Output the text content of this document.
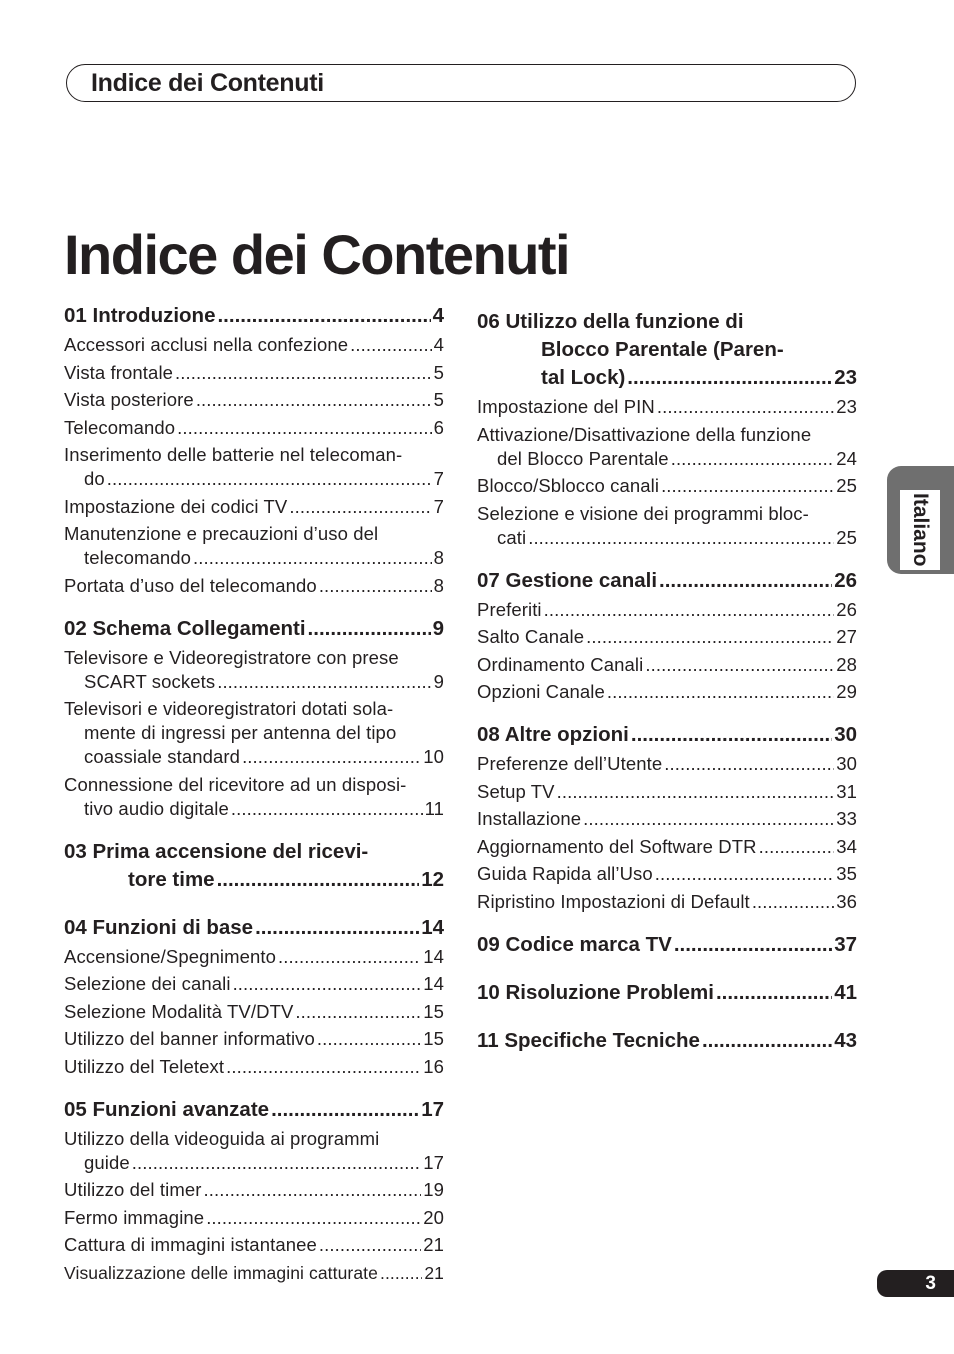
Indice dei Contenuti
Indice dei Contenuti
Italiano
3
01 Introduzione .....	4
Accessori acclusi nella confezione .....	4
Vista frontale .....	5
Vista posteriore .....	5
Telecomando .....	6
Inserimento delle batterie nel telecoman-
do .....	7
Impostazione dei codici TV .....	7
Manutenzione e precauzioni d’uso del
telecomando .....	8
Portata d’uso del telecomando .....	8
02 Schema Collegamenti .....	9
Televisore e Videoregistratore con prese
SCART sockets .....	9
Televisori e videoregistratori dotati sola-
mente di ingressi per antenna del tipo
coassiale standard .....	10
Connessione del ricevitore ad un disposi-
tivo audio digitale .....	11
03 Prima accensione del ricevi-
tore time .....	12
04 Funzioni di base .....	14
Accensione/Spegnimento .....	14
Selezione dei canali .....	14
Selezione Modalità TV/DTV .....	15
Utilizzo del banner informativo .....	15
Utilizzo del Teletext .....	16
05 Funzioni avanzate .....	17
Utilizzo della videoguida ai programmi
guide .....	17
Utilizzo del timer .....	19
Fermo immagine .....	20
Cattura di immagini istantanee .....	21
Visualizzazione delle immagini catturate .....	21
06 Utilizzo della funzione di
Blocco Parentale (Paren-
tal Lock) .....	23
Impostazione del PIN .....	23
Attivazione/Disattivazione della funzione
del Blocco Parentale .....	24
Blocco/Sblocco canali .....	25
Selezione e visione dei programmi bloc-
cati .....	25
07 Gestione canali .....	26
Preferiti .....	26
Salto Canale .....	27
Ordinamento Canali .....	28
Opzioni Canale .....	29
08 Altre opzioni .....	30
Preferenze dell’Utente .....	30
Setup TV .....	31
Installazione .....	33
Aggiornamento del Software DTR .....	34
Guida Rapida all’Uso .....	35
Ripristino Impostazioni di Default .....	36
09 Codice marca TV .....	37
10 Risoluzione Problemi .....	41
11 Specifiche Tecniche .....	43
